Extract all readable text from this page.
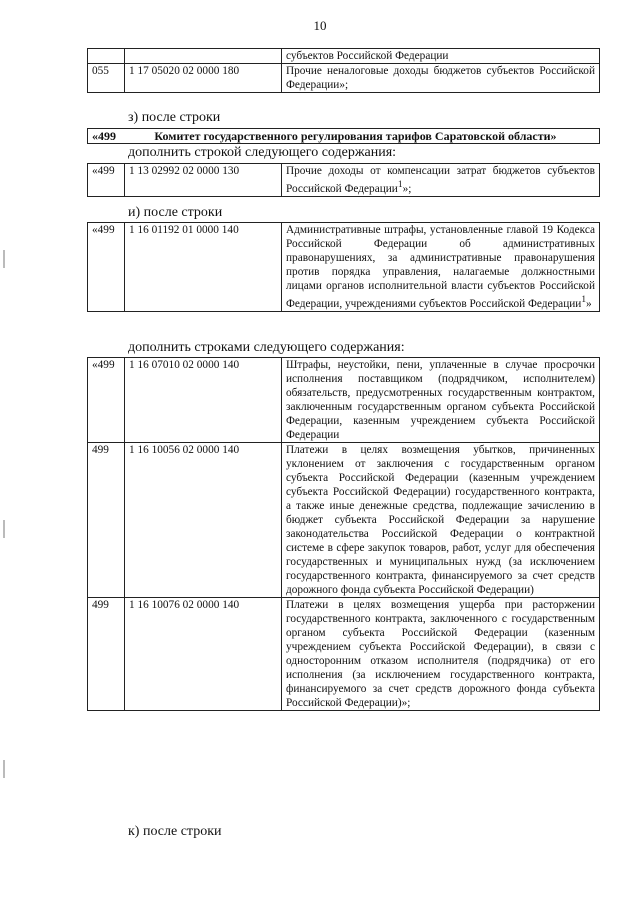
10
		субъектов Российской Федерации
055	1 17 05020 02 0000 180	Прочие неналоговые доходы бюджетов субъектов Российской Федерации»;
з) после строки
«499	Комитет государственного регулирования тарифов Саратовской области»
дополнить строкой следующего содержания:
«499	1 13 02992 02 0000 130	Прочие доходы от компенсации затрат бюджетов субъектов Российской Федерации$^1$»;
и) после строки
«499	1 16 01192 01 0000 140	Административные штрафы, установленные главой 19 Кодекса Российской Федерации об административных правонарушениях, за административные правонарушения против порядка управления, налагаемые должностными лицами органов исполнительной власти субъектов Российской Федерации, учреждениями субъектов Российской Федерации$^1$»
дополнить строками следующего содержания:
«499	1 16 07010 02 0000 140	Штрафы, неустойки, пени, уплаченные в случае просрочки исполнения поставщиком (подрядчиком, исполнителем) обязательств, предусмотренных государственным контрактом, заключенным государственным органом субъекта Российской Федерации, казенным учреждением субъекта Российской Федерации
499	1 16 10056 02 0000 140	Платежи в целях возмещения убытков, причиненных уклонением от заключения с государственным органом субъекта Российской Федерации (казенным учреждением субъекта Российской Федерации) государственного контракта, а также иные денежные средства, подлежащие зачислению в бюджет субъекта Российской Федерации за нарушение законодательства Российской Федерации о контрактной системе в сфере закупок товаров, работ, услуг для обеспечения государственных и муниципальных нужд (за исключением государственного контракта, финансируемого за счет средств дорожного фонда субъекта Российской Федерации)
499	1 16 10076 02 0000 140	Платежи в целях возмещения ущерба при расторжении государственного контракта, заключенного с государственным органом субъекта Российской Федерации (казенным учреждением субъекта Российской Федерации), в связи с односторонним отказом исполнителя (подрядчика) от его исполнения (за исключением государственного контракта, финансируемого за счет средств дорожного фонда субъекта Российской Федерации)»;
к) после строки
